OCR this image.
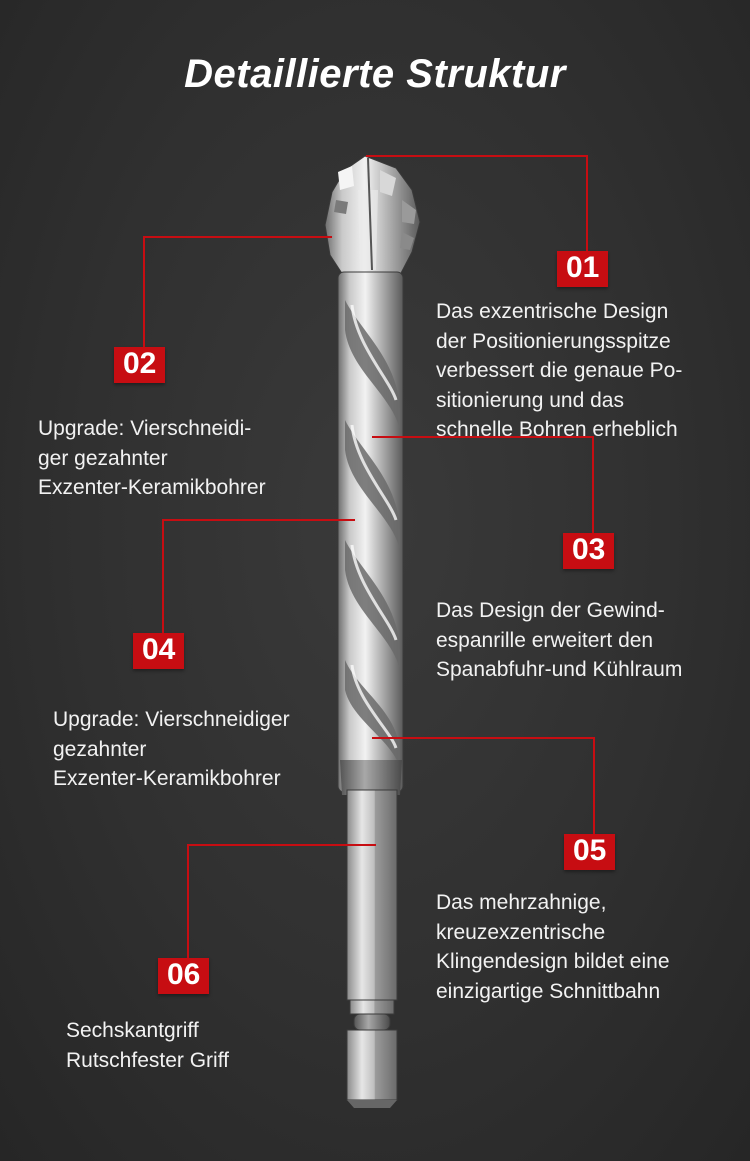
Detaillierte Struktur
01
Das exzentrische Design
der Positionierungsspitze
verbessert die genaue Po-
sitionierung und das
schnelle Bohren erheblich
02
Upgrade: Vierschneidi-
ger gezahnter
Exzenter-Keramikbohrer
03
Das Design der Gewind-
espanrille erweitert den
Spanabfuhr-und Kühlraum
04
Upgrade: Vierschneidiger
gezahnter
Exzenter-Keramikbohrer
05
Das mehrzahnige,
kreuzexzentrische
Klingendesign bildet eine
einzigartige Schnittbahn
06
Sechskantgriff
Rutschfester Griff
